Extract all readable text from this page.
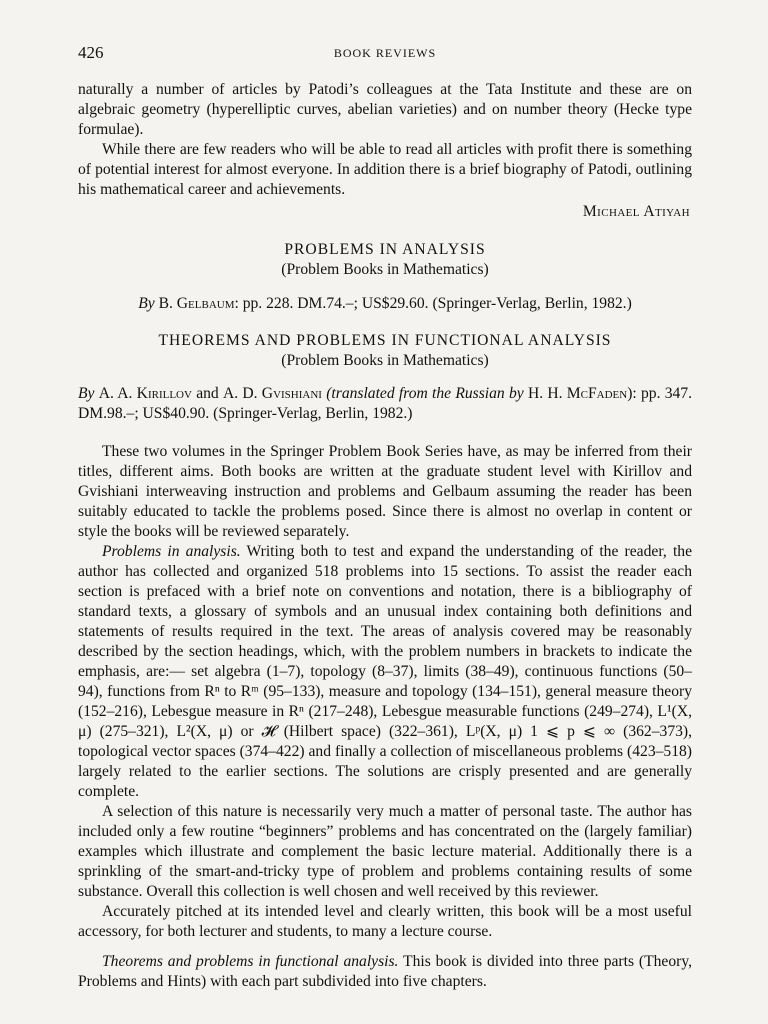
426	BOOK REVIEWS

naturally a number of articles by Patodi’s colleagues at the Tata Institute and these are on algebraic geometry (hyperelliptic curves, abelian varieties) and on number theory (Hecke type formulae).

While there are few readers who will be able to read all articles with profit there is something of potential interest for almost everyone. In addition there is a brief biography of Patodi, outlining his mathematical career and achievements.

Michael Atiyah
PROBLEMS IN ANALYSIS
(Problem Books in Mathematics)
By B. Gelbaum: pp. 228. DM.74.–; US$29.60. (Springer-Verlag, Berlin, 1982.)
THEOREMS AND PROBLEMS IN FUNCTIONAL ANALYSIS
(Problem Books in Mathematics)
By A. A. Kirillov and A. D. Gvishiani (translated from the Russian by H. H. McFaden): pp. 347. DM.98.–; US$40.90. (Springer-Verlag, Berlin, 1982.)

These two volumes in the Springer Problem Book Series have, as may be inferred from their titles, different aims. Both books are written at the graduate student level with Kirillov and Gvishiani interweaving instruction and problems and Gelbaum assuming the reader has been suitably educated to tackle the problems posed. Since there is almost no overlap in content or style the books will be reviewed separately.

Problems in analysis. Writing both to test and expand the understanding of the reader, the author has collected and organized 518 problems into 15 sections. To assist the reader each section is prefaced with a brief note on conventions and notation, there is a bibliography of standard texts, a glossary of symbols and an unusual index containing both definitions and statements of results required in the text. The areas of analysis covered may be reasonably described by the section headings, which, with the problem numbers in brackets to indicate the emphasis, are:— set algebra (1–7), topology (8–37), limits (38–49), continuous functions (50–94), functions from Rⁿ to Rᵐ (95–133), measure and topology (134–151), general measure theory (152–216), Lebesgue measure in Rⁿ (217–248), Lebesgue measurable functions (249–274), L¹(X, μ) (275–321), L²(X, μ) or 𝓗 (Hilbert space) (322–361), Lᵖ(X, μ) 1 ⩽ p ⩽ ∞ (362–373), topological vector spaces (374–422) and finally a collection of miscellaneous problems (423–518) largely related to the earlier sections. The solutions are crisply presented and are generally complete.

A selection of this nature is necessarily very much a matter of personal taste. The author has included only a few routine “beginners” problems and has concentrated on the (largely familiar) examples which illustrate and complement the basic lecture material. Additionally there is a sprinkling of the smart-and-tricky type of problem and problems containing results of some substance. Overall this collection is well chosen and well received by this reviewer.

Accurately pitched at its intended level and clearly written, this book will be a most useful accessory, for both lecturer and students, to many a lecture course.

Theorems and problems in functional analysis. This book is divided into three parts (Theory, Problems and Hints) with each part subdivided into five chapters.
